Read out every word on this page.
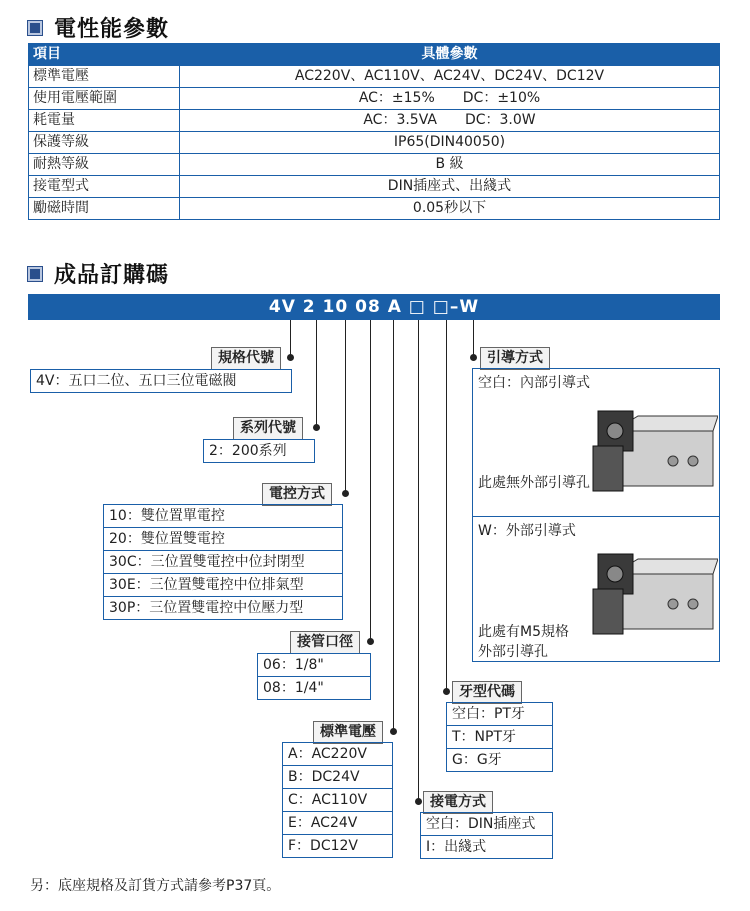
電性能參數
項目	具體參數
標準電壓	AC220V、AC110V、AC24V、DC24V、DC12V
使用電壓範圍	AC：±15%　　DC：±10%
耗電量	AC：3.5VA　　DC：3.0W
保護等級	IP65(DIN40050)
耐熱等級	B 級
接電型式	DIN插座式、出綫式
勵磁時間	0.05秒以下
成品訂購碼
4V 2 10 08 A □ □–W
規格代號
4V：五口二位、五口三位電磁閥
系列代號
2：200系列
電控方式
10：雙位置單電控
20：雙位置雙電控
30C：三位置雙電控中位封閉型
30E：三位置雙電控中位排氣型
30P：三位置雙電控中位壓力型
接管口徑
06：1/8"
08：1/4"
標準電壓
A：AC220V
B：DC24V
C：AC110V
E：AC24V
F：DC12V
接電方式
空白：DIN插座式
I：出綫式
牙型代碼
空白：PT牙
T：NPT牙
G：G牙
引導方式
空白：內部引導式
此處無外部引導孔
W：外部引導式
此處有M5規格
外部引導孔
另：底座規格及訂貨方式請參考P37頁。
